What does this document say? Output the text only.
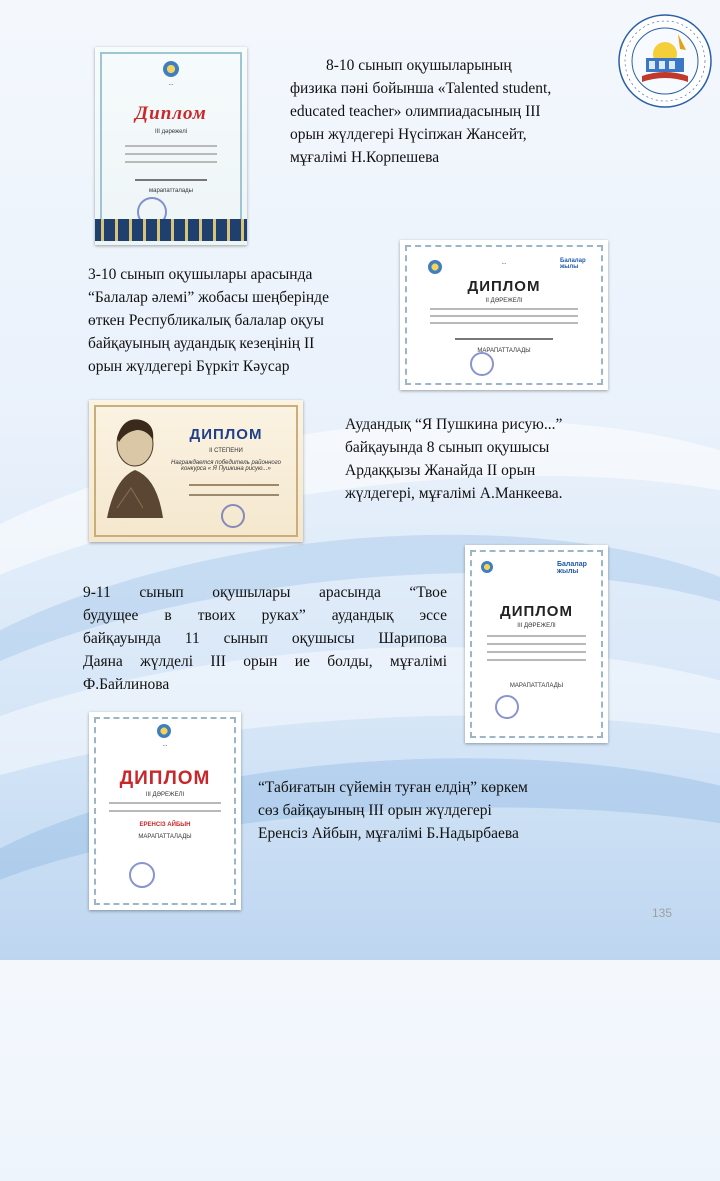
...
Диплом
ІІІ дәрежелі
марапатталады
8-10 сынып оқушыларының
физика пәні бойынша «Talented student,
educated teacher» олимпиадасының ІІІ
орын жүлдегері Нүсіпжан Жансейт,
мұғалімі Н.Корпешева
3-10 сынып оқушылары арасында
“Балалар әлемі” жобасы шеңберінде
өткен Республикалық балалар оқуы
байқауының аудандық кезеңінің ІІ
орын жүлдегері Бүркіт Кәусар
...	Балалар жылы
ДИПЛОМ
ІІ ДӘРЕЖЕЛІ
МАРАПАТТАЛАДЫ
ДИПЛОМ
II СТЕПЕНИ
Награждается победитель районного конкурса « Я Пушкина рисую...»
Аудандық “Я Пушкина рисую...”
байқауында 8 сынып оқушысы
Ардаққызы Жанайда ІІ орын
жүлдегері, мұғалімі А.Манкеева.
9-11 сынып оқушылары арасында “Твое
будущее в твоих руках” аудандық эссе
байқауында 11 сынып оқушысы Шарипова
Даяна жүлделі ІІІ орын ие болды, мұғалімі
Ф.Байлинова
Балалар жылы
ДИПЛОМ
ІІІ ДӘРЕЖЕЛІ
МАРАПАТТАЛАДЫ
...
ДИПЛОМ
ІІІ ДӘРЕЖЕЛІ
ЕРЕНСІЗ АЙБЫН
МАРАПАТТАЛАДЫ
“Табиғатын сүйемін туған елдің” көркем
сөз байқауының ІІІ орын жүлдегері
Еренсіз Айбын, мұғалімі Б.Надырбаева
135
